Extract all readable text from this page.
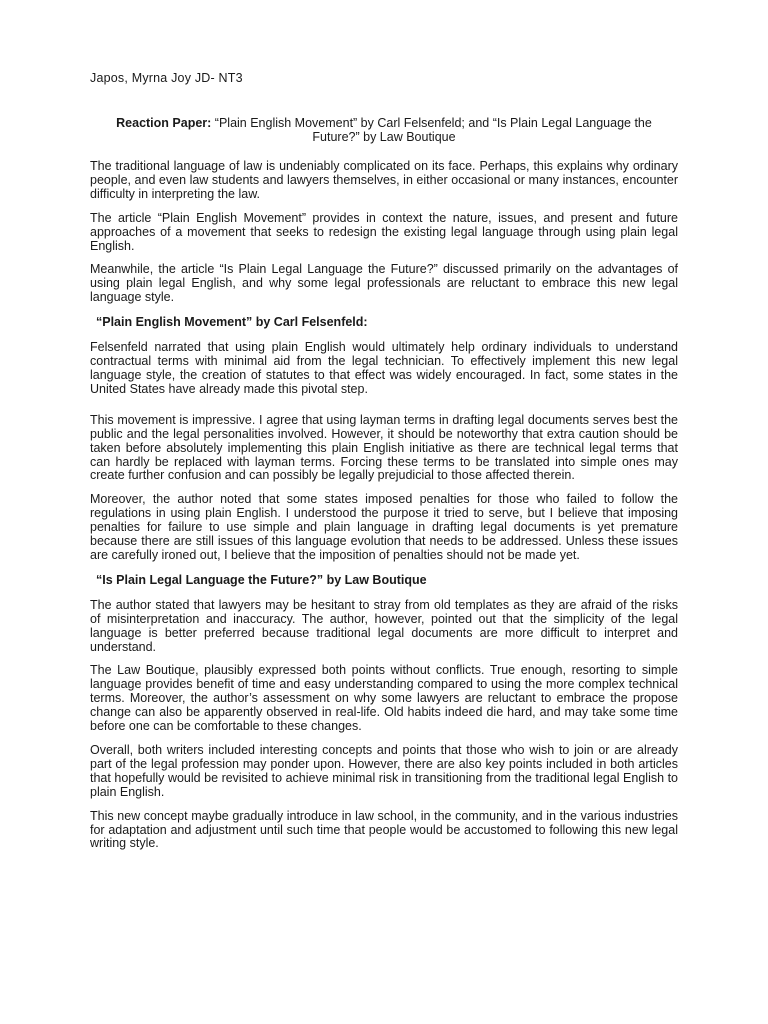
Japos, Myrna Joy JD- NT3
Reaction Paper: “Plain English Movement” by Carl Felsenfeld; and “Is Plain Legal Language the Future?” by Law Boutique

The traditional language of law is undeniably complicated on its face. Perhaps, this explains why ordinary people, and even law students and lawyers themselves, in either occasional or many instances, encounter difficulty in interpreting the law.

The article “Plain English Movement” provides in context the nature, issues, and present and future approaches of a movement that seeks to redesign the existing legal language through using plain legal English.

Meanwhile, the article “Is Plain Legal Language the Future?” discussed primarily on the advantages of using plain legal English, and why some legal professionals are reluctant to embrace this new legal language style.

“Plain English Movement” by Carl Felsenfeld:

Felsenfeld narrated that using plain English would ultimately help ordinary individuals to understand contractual terms with minimal aid from the legal technician. To effectively implement this new legal language style, the creation of statutes to that effect was widely encouraged. In fact, some states in the United States have already made this pivotal step.

This movement is impressive. I agree that using layman terms in drafting legal documents serves best the public and the legal personalities involved. However, it should be noteworthy that extra caution should be taken before absolutely implementing this plain English initiative as there are technical legal terms that can hardly be replaced with layman terms. Forcing these terms to be translated into simple ones may create further confusion and can possibly be legally prejudicial to those affected therein.

Moreover, the author noted that some states imposed penalties for those who failed to follow the regulations in using plain English. I understood the purpose it tried to serve, but I believe that imposing penalties for failure to use simple and plain language in drafting legal documents is yet premature because there are still issues of this language evolution that needs to be addressed. Unless these issues are carefully ironed out, I believe that the imposition of penalties should not be made yet.

“Is Plain Legal Language the Future?” by Law Boutique

The author stated that lawyers may be hesitant to stray from old templates as they are afraid of the risks of misinterpretation and inaccuracy. The author, however, pointed out that the simplicity of the legal language is better preferred because traditional legal documents are more difficult to interpret and understand.

The Law Boutique, plausibly expressed both points without conflicts. True enough, resorting to simple language provides benefit of time and easy understanding compared to using the more complex technical terms. Moreover, the author’s assessment on why some lawyers are reluctant to embrace the propose change can also be apparently observed in real-life. Old habits indeed die hard, and may take some time before one can be comfortable to these changes.

Overall, both writers included interesting concepts and points that those who wish to join or are already part of the legal profession may ponder upon. However, there are also key points included in both articles that hopefully would be revisited to achieve minimal risk in transitioning from the traditional legal English to plain English.

This new concept maybe gradually introduce in law school, in the community, and in the various industries for adaptation and adjustment until such time that people would be accustomed to following this new legal writing style.
